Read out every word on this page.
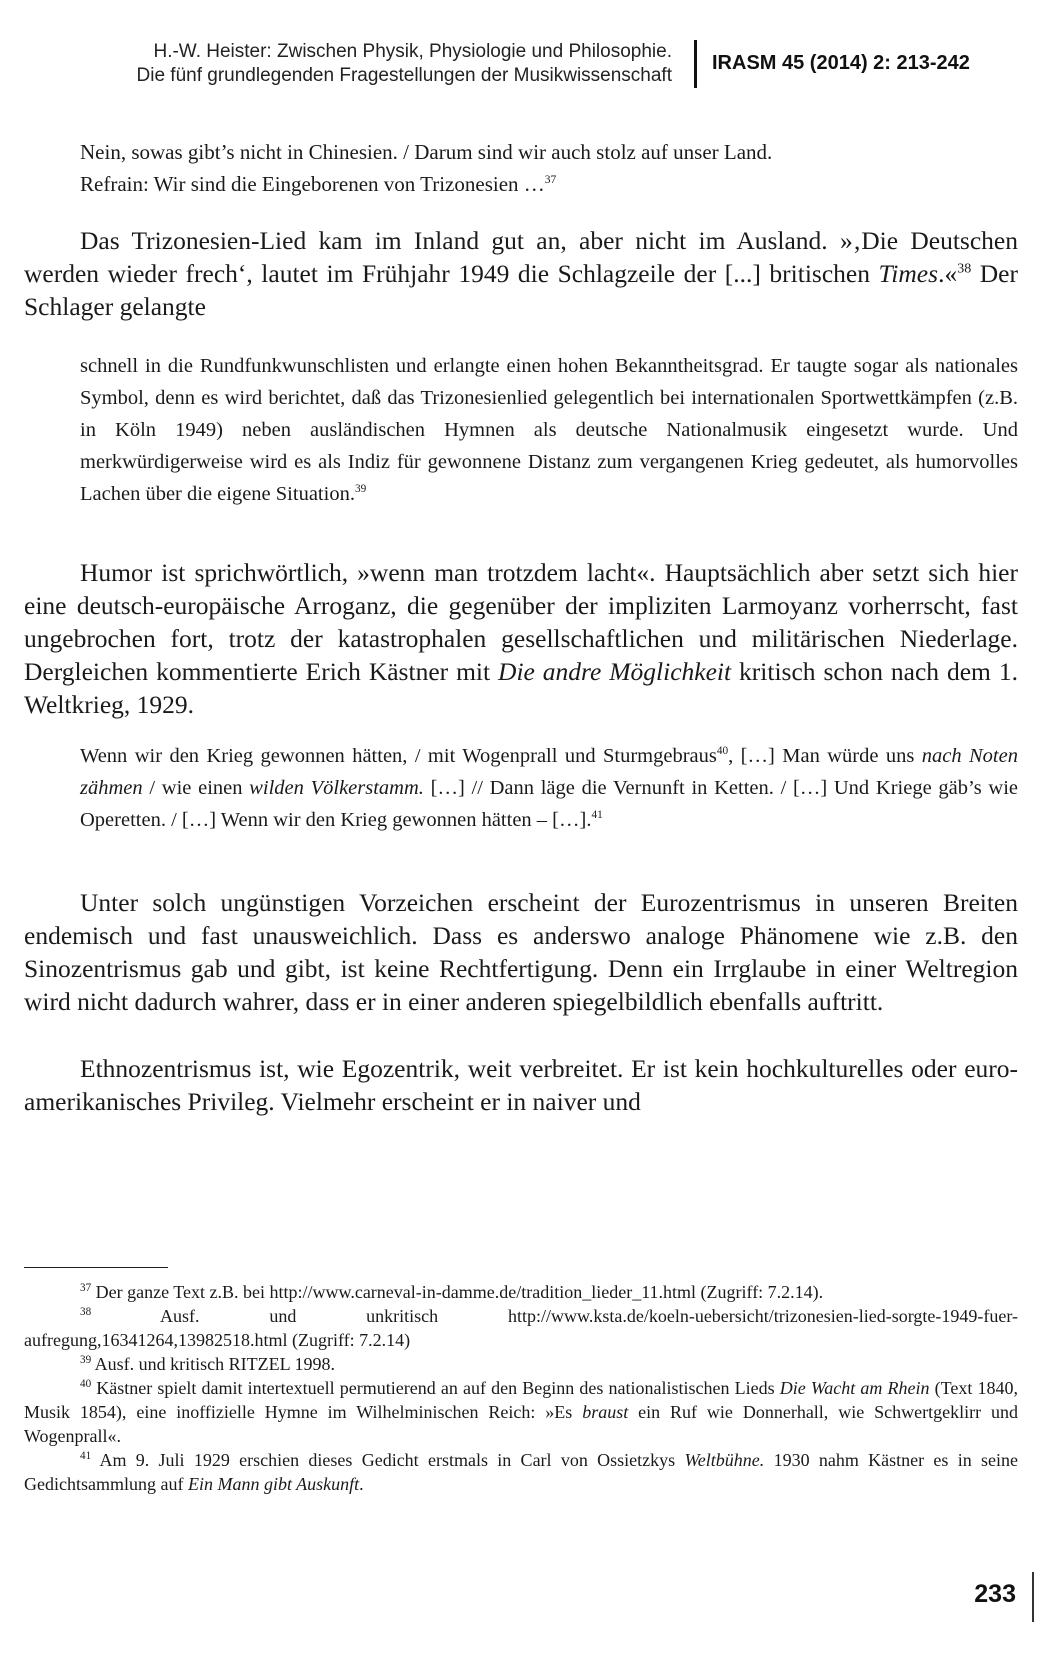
H.-W. Heister: Zwischen Physik, Physiologie und Philosophie.
Die fünf grundlegenden Fragestellungen der Musikwissenschaft
IRASM 45 (2014) 2: 213-242
Nein, sowas gibt’s nicht in Chinesien. / Darum sind wir auch stolz auf unser Land.
Refrain: Wir sind die Eingeborenen von Trizonesien …$^{37}$

Das Trizonesien-Lied kam im Inland gut an, aber nicht im Ausland. »‚Die Deutschen werden wieder frech‘, lautet im Frühjahr 1949 die Schlagzeile der [...] britischen Times.«$^{38}$ Der Schlager gelangte

schnell in die Rundfunkwunschlisten und erlangte einen hohen Bekanntheitsgrad. Er taugte sogar als nationales Symbol, denn es wird berichtet, daß das Trizonesienlied gelegentlich bei internationalen Sportwettkämpfen (z.B. in Köln 1949) neben ausländischen Hymnen als deutsche Nationalmusik eingesetzt wurde. Und merkwürdigerweise wird es als Indiz für gewonnene Distanz zum vergangenen Krieg gedeutet, als humorvolles Lachen über die eigene Situation.$^{39}$

Humor ist sprichwörtlich, »wenn man trotzdem lacht«. Hauptsächlich aber setzt sich hier eine deutsch-europäische Arroganz, die gegenüber der impliziten Larmoyanz vorherrscht, fast ungebrochen fort, trotz der katastrophalen gesellschaftlichen und militärischen Niederlage. Dergleichen kommentierte Erich Kästner mit Die andre Möglichkeit kritisch schon nach dem 1. Weltkrieg, 1929.

Wenn wir den Krieg gewonnen hätten, / mit Wogenprall und Sturmgebraus$^{40}$, […] Man würde uns nach Noten zähmen / wie einen wilden Völkerstamm. […] // Dann läge die Vernunft in Ketten. / […] Und Kriege gäb’s wie Operetten. / […] Wenn wir den Krieg gewonnen hätten – […].$^{41}$

Unter solch ungünstigen Vorzeichen erscheint der Eurozentrismus in unseren Breiten endemisch und fast unausweichlich. Dass es anderswo analoge Phänomene wie z.B. den Sinozentrismus gab und gibt, ist keine Rechtfertigung. Denn ein Irrglaube in einer Weltregion wird nicht dadurch wahrer, dass er in einer anderen spiegelbildlich ebenfalls auftritt.

Ethnozentrismus ist, wie Egozentrik, weit verbreitet. Er ist kein hochkulturelles oder euro-amerikanisches Privileg. Vielmehr erscheint er in naiver und

$^{37}$ Der ganze Text z.B. bei http://www.carneval-in-damme.de/tradition_lieder_11.html (Zugriff: 7.2.14).

$^{38}$ Ausf. und unkritisch http://www.ksta.de/koeln-uebersicht/trizonesien-lied-sorgte-1949-fuer-aufregung,16341264,13982518.html (Zugriff: 7.2.14)

$^{39}$ Ausf. und kritisch RITZEL 1998.

$^{40}$ Kästner spielt damit intertextuell permutierend an auf den Beginn des nationalistischen Lieds Die Wacht am Rhein (Text 1840, Musik 1854), eine inoffizielle Hymne im Wilhelminischen Reich: »Es braust ein Ruf wie Donnerhall, wie Schwertgeklirr und Wogenprall«.

$^{41}$ Am 9. Juli 1929 erschien dieses Gedicht erstmals in Carl von Ossietzkys Weltbühne. 1930 nahm Kästner es in seine Gedichtsammlung auf Ein Mann gibt Auskunft.

233
